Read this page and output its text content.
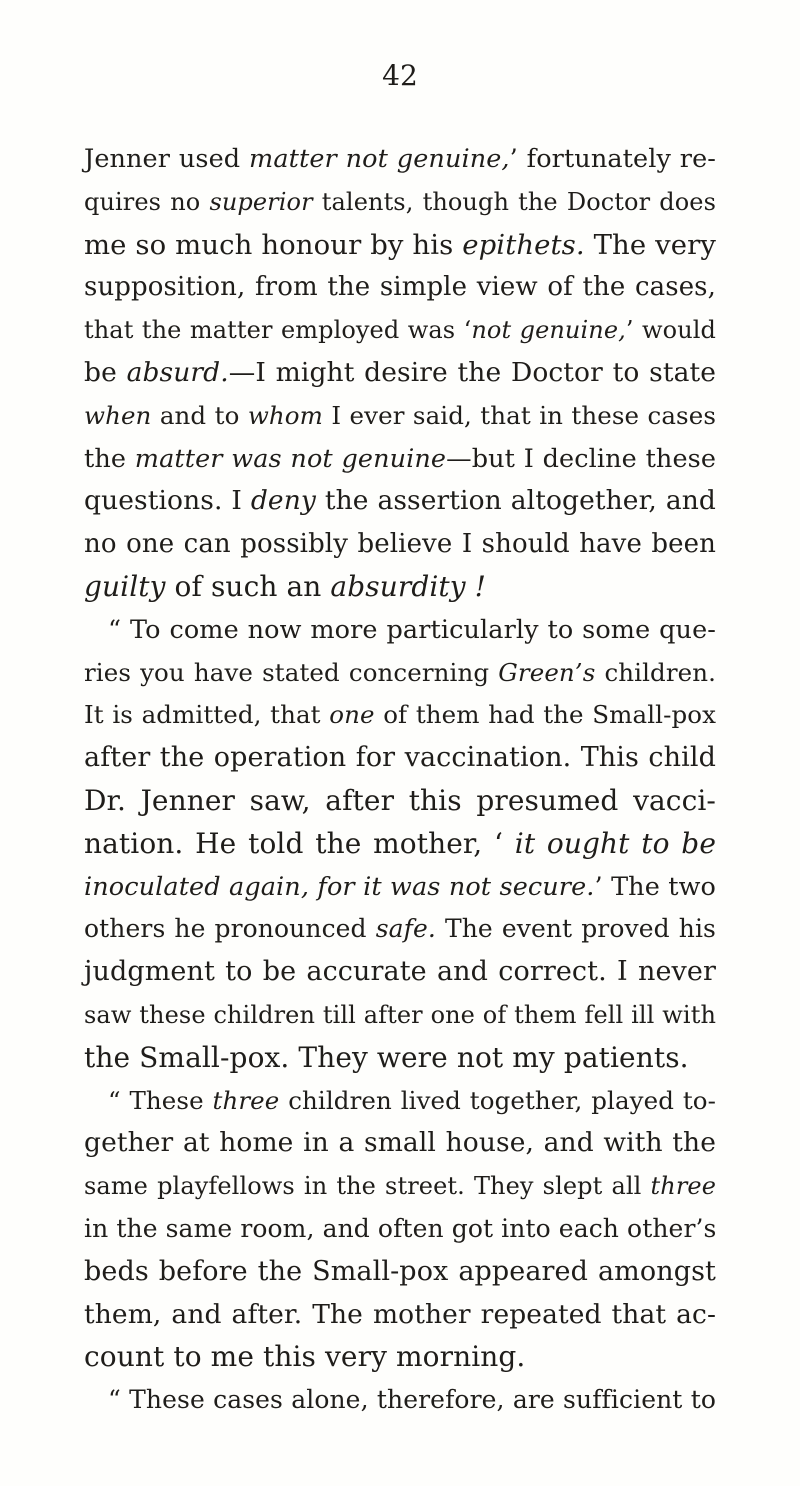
42
Jenner used matter not genuine,’ fortunately re-
quires no superior talents, though the Doctor does
me so much honour by his epithets. The very
supposition, from the simple view of the cases,
that the matter employed was ‘not genuine,’ would
be absurd.—I might desire the Doctor to state
when and to whom I ever said, that in these cases
the matter was not genuine—but I decline these
questions. I deny the assertion altogether, and
no one can possibly believe I should have been
guilty of such an absurdity !
“ To come now more particularly to some que-
ries you have stated concerning Green’s children.
It is admitted, that one of them had the Small-pox
after the operation for vaccination. This child
Dr. Jenner saw, after this presumed vacci-
nation. He told the mother, ‘ it ought to be
inoculated again, for it was not secure.’ The two
others he pronounced safe. The event proved his
judgment to be accurate and correct. I never
saw these children till after one of them fell ill with
the Small-pox. They were not my patients.
“ These three children lived together, played to-
gether at home in a small house, and with the
same playfellows in the street. They slept all three
in the same room, and often got into each other’s
beds before the Small-pox appeared amongst
them, and after. The mother repeated that ac-
count to me this very morning.
“ These cases alone, therefore, are sufficient to
